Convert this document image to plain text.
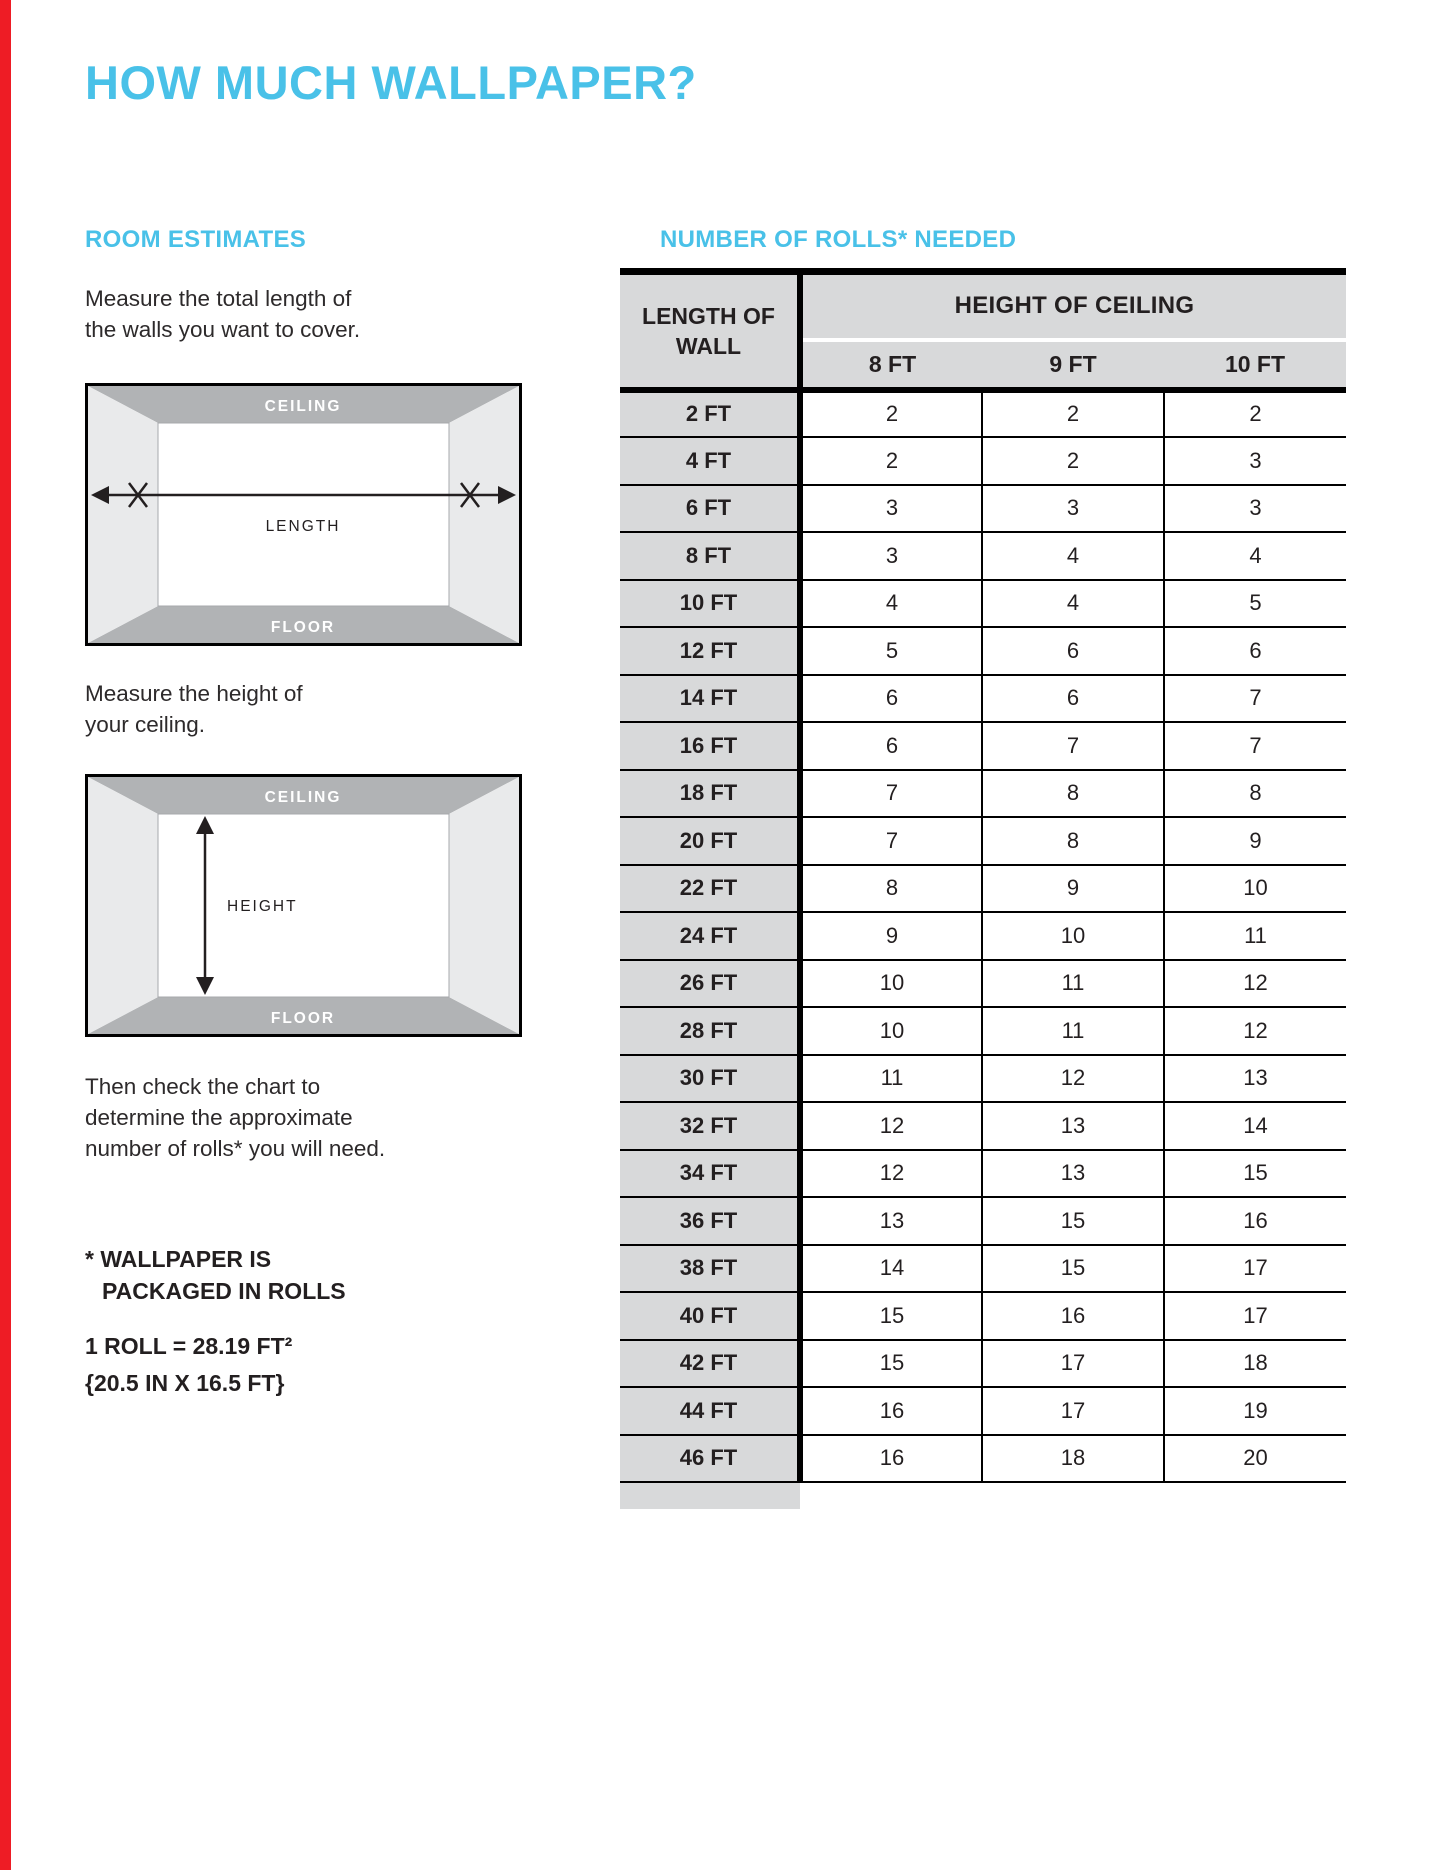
HOW MUCH WALLPAPER?
ROOM ESTIMATES
Measure the total length of
the walls you want to cover.
CEILING
FLOOR
LENGTH
Measure the height of
your ceiling.
CEILING
FLOOR
HEIGHT
Then check the chart to
determine the approximate
number of rolls* you will need.
* WALLPAPER IS
PACKAGED IN ROLLS
1 ROLL = 28.19 FT²
{20.5 IN X 16.5 FT}
NUMBER OF ROLLS* NEEDED
LENGTH OF WALL	HEIGHT OF CEILING		
	8 FT	9 FT	10 FT
2 FT	2	2	2
4 FT	2	2	3
6 FT	3	3	3
8 FT	3	4	4
10 FT	4	4	5
12 FT	5	6	6
14 FT	6	6	7
16 FT	6	7	7
18 FT	7	8	8
20 FT	7	8	9
22 FT	8	9	10
24 FT	9	10	11
26 FT	10	11	12
28 FT	10	11	12
30 FT	11	12	13
32 FT	12	13	14
34 FT	12	13	15
36 FT	13	15	16
38 FT	14	15	17
40 FT	15	16	17
42 FT	15	17	18
44 FT	16	17	19
46 FT	16	18	20
